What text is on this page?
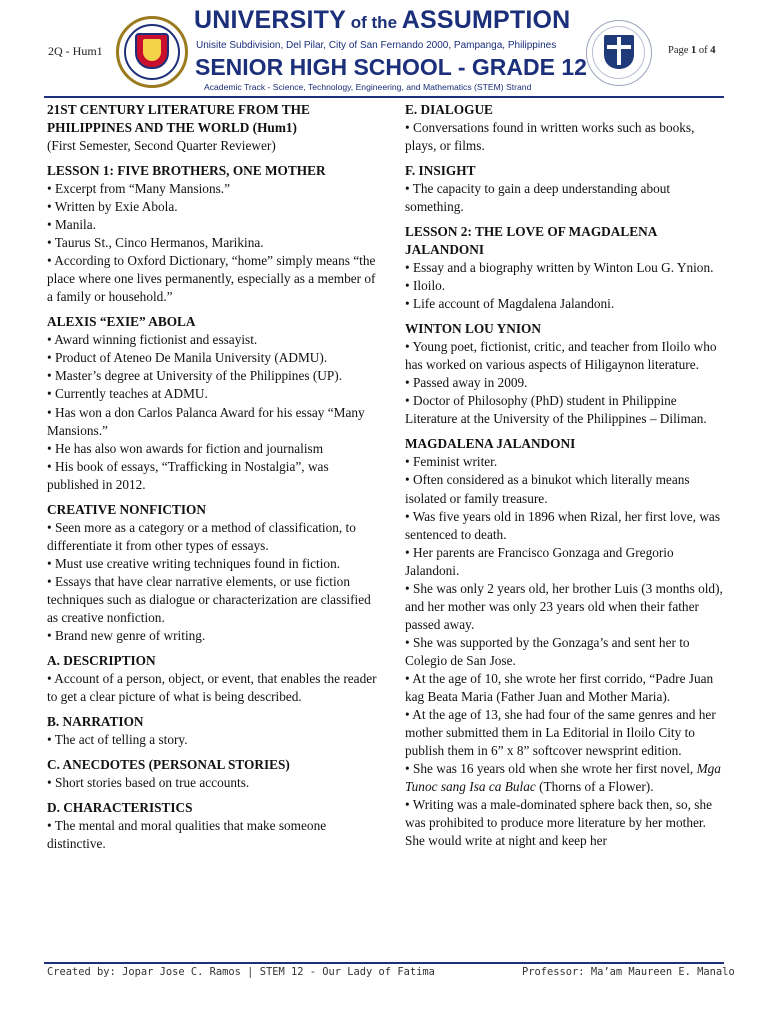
2Q - Hum1
UNIVERSITY of the ASSUMPTION
Unisite Subdivision, Del Pilar, City of San Fernando 2000, Pampanga, Philippines
SENIOR HIGH SCHOOL - GRADE 12
Academic Track - Science, Technology, Engineering, and Mathematics (STEM) Strand
Page 1 of 4

21ST CENTURY LITERATURE FROM THE

PHILIPPINES AND THE WORLD (Hum1)

(First Semester, Second Quarter Reviewer)

LESSON 1: FIVE BROTHERS, ONE MOTHER

• Excerpt from “Many Mansions.”

• Written by Exie Abola.

• Manila.

• Taurus St., Cinco Hermanos, Marikina.

• According to Oxford Dictionary, “home” simply means “the place where one lives permanently, especially as a member of a family or household.”

ALEXIS “EXIE” ABOLA

• Award winning fictionist and essayist.

• Product of Ateneo De Manila University (ADMU).

• Master’s degree at University of the Philippines (UP).

• Currently teaches at ADMU.

• Has won a don Carlos Palanca Award for his essay “Many Mansions.”

• He has also won awards for fiction and journalism

• His book of essays, “Trafficking in Nostalgia”, was published in 2012.

CREATIVE NONFICTION

• Seen more as a category or a method of classification, to differentiate it from other types of essays.

• Must use creative writing techniques found in fiction.

• Essays that have clear narrative elements, or use fiction techniques such as dialogue or characterization are classified as creative nonfiction.

• Brand new genre of writing.

A. DESCRIPTION

• Account of a person, object, or event, that enables the reader to get a clear picture of what is being described.

B. NARRATION

• The act of telling a story.

C. ANECDOTES (PERSONAL STORIES)

• Short stories based on true accounts.

D. CHARACTERISTICS

• The mental and moral qualities that make someone distinctive.

E. DIALOGUE

• Conversations found in written works such as books, plays, or films.

F. INSIGHT

• The capacity to gain a deep understanding about something.

LESSON 2: THE LOVE OF MAGDALENA JALANDONI

• Essay and a biography written by Winton Lou G. Ynion.

• Iloilo.

• Life account of Magdalena Jalandoni.

WINTON LOU YNION

• Young poet, fictionist, critic, and teacher from Iloilo who has worked on various aspects of Hiligaynon literature.

• Passed away in 2009.

• Doctor of Philosophy (PhD) student in Philippine Literature at the University of the Philippines – Diliman.

MAGDALENA JALANDONI

• Feminist writer.

• Often considered as a binukot which literally means isolated or family treasure.

• Was five years old in 1896 when Rizal, her first love, was sentenced to death.

• Her parents are Francisco Gonzaga and Gregorio Jalandoni.

• She was only 2 years old, her brother Luis (3 months old), and her mother was only 23 years old when their father passed away.

• She was supported by the Gonzaga’s and sent her to Colegio de San Jose.

• At the age of 10, she wrote her first corrido, “Padre Juan kag Beata Maria (Father Juan and Mother Maria).

• At the age of 13, she had four of the same genres and her mother submitted them in La Editorial in Iloilo City to publish them in 6” x 8” softcover newsprint edition.

• She was 16 years old when she wrote her first novel, Mga Tunoc sang Isa ca Bulac (Thorns of a Flower).

• Writing was a male-dominated sphere back then, so, she was prohibited to produce more literature by her mother. She would write at night and keep her

Created by: Jopar Jose C. Ramos | STEM 12 - Our Lady of Fatima	Professor: Ma’am Maureen E. Manalo
